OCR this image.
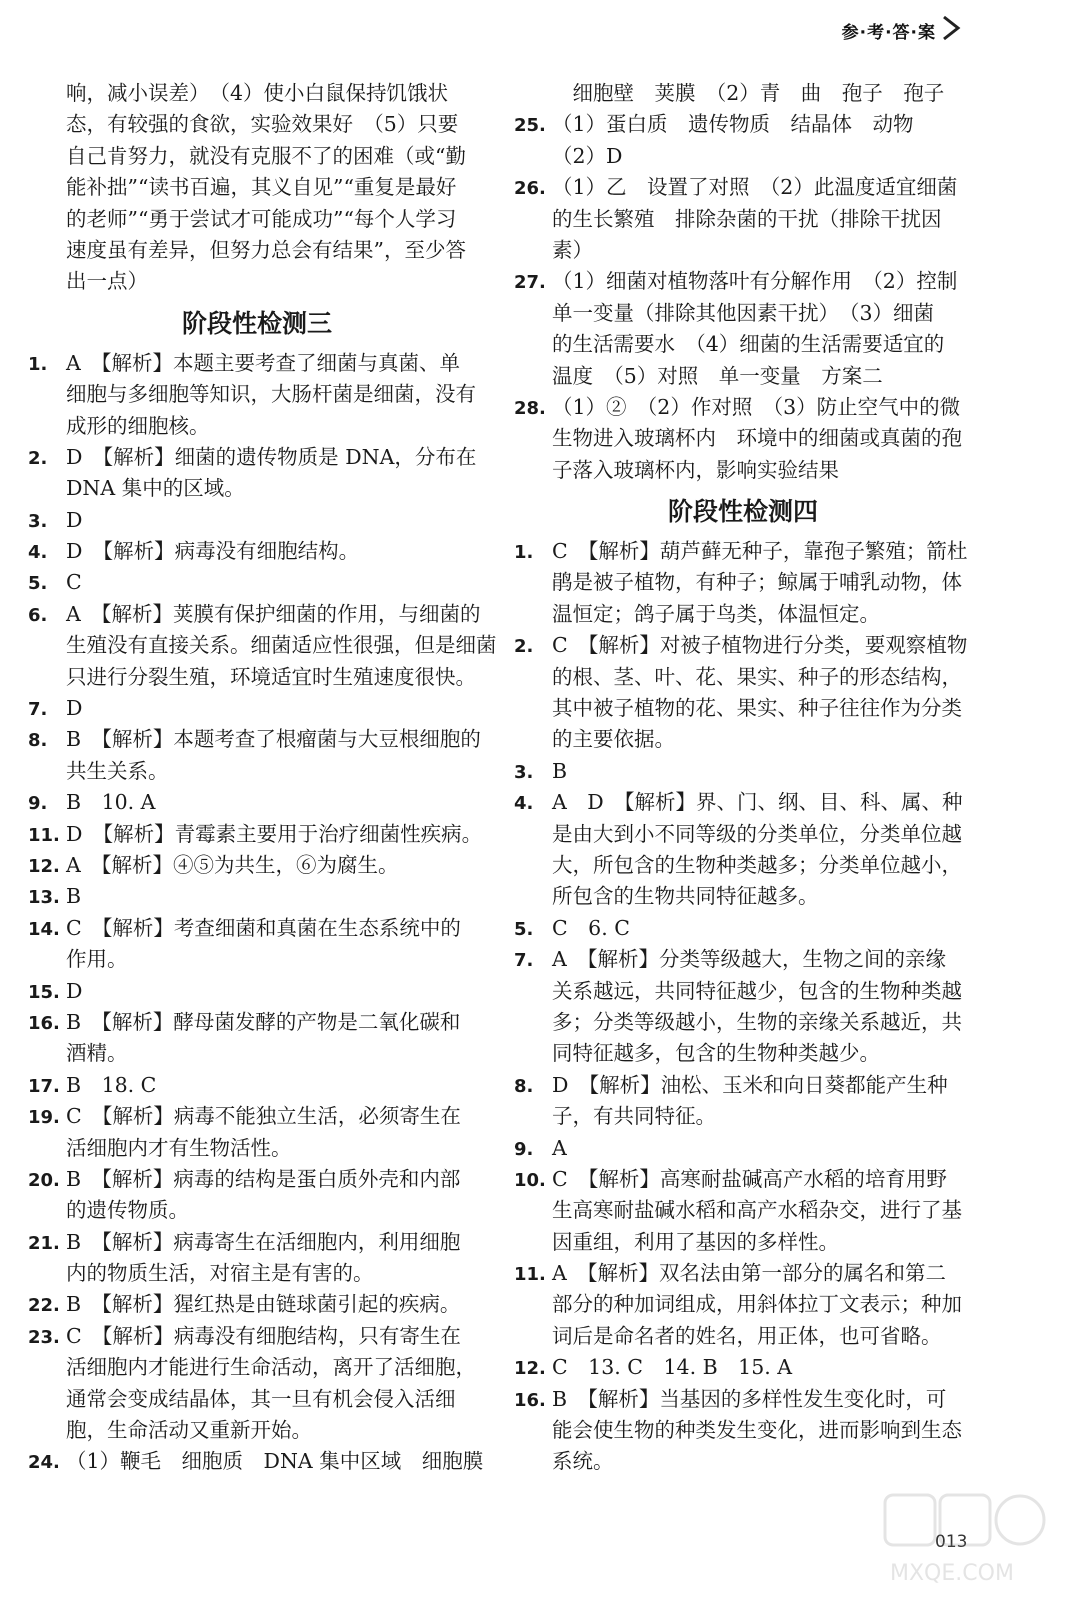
参·考·答·案
响，减小误差）　（4）使小白鼠保持饥饿状
态，有较强的食欲，实验效果好　（5）只要
自己肯努力，就没有克服不了的困难（或“勤
能补拙”“读书百遍，其义自见”“重复是最好
的老师”“勇于尝试才可能成功”“每个人学习
速度虽有差异，但努力总会有结果”，至少答
出一点）
阶段性检测三
1. A　【解析】本题主要考查了细菌与真菌、单
细胞与多细胞等知识，大肠杆菌是细菌，没有
成形的细胞核。
2. D　【解析】细菌的遗传物质是 DNA，分布在
DNA 集中的区域。
3. D
4. D　【解析】病毒没有细胞结构。
5. C
6. A　【解析】荚膜有保护细菌的作用，与细菌的
生殖没有直接关系。细菌适应性很强，但是细菌
只进行分裂生殖，环境适宜时生殖速度很快。
7. D
8. B　【解析】本题考查了根瘤菌与大豆根细胞的
共生关系。
9. B　10. A
11. D　【解析】青霉素主要用于治疗细菌性疾病。
12. A　【解析】④⑤为共生，⑥为腐生。
13. B
14. C　【解析】考查细菌和真菌在生态系统中的
作用。
15. D
16. B　【解析】酵母菌发酵的产物是二氧化碳和
酒精。
17. B　18. C
19. C　【解析】病毒不能独立生活，必须寄生在
活细胞内才有生物活性。
20. B　【解析】病毒的结构是蛋白质外壳和内部
的遗传物质。
21. B　【解析】病毒寄生在活细胞内，利用细胞
内的物质生活，对宿主是有害的。
22. B　【解析】猩红热是由链球菌引起的疾病。
23. C　【解析】病毒没有细胞结构，只有寄生在
活细胞内才能进行生命活动，离开了活细胞，
通常会变成结晶体，其一旦有机会侵入活细
胞，生命活动又重新开始。
24. （1）鞭毛　细胞质　DNA 集中区域　细胞膜
　细胞壁　荚膜　（2）青　曲　孢子　孢子
25. （1）蛋白质　遗传物质　结晶体　动物
（2）D
26. （1）乙　设置了对照　（2）此温度适宜细菌
的生长繁殖　排除杂菌的干扰（排除干扰因
素）
27. （1）细菌对植物落叶有分解作用　（2）控制
单一变量（排除其他因素干扰）　（3）细菌
的生活需要水　（4）细菌的生活需要适宜的
温度　（5）对照　单一变量　方案二
28. （1）②　（2）作对照　（3）防止空气中的微
生物进入玻璃杯内　环境中的细菌或真菌的孢
子落入玻璃杯内，影响实验结果
阶段性检测四
1. C　【解析】葫芦藓无种子，靠孢子繁殖；箭杜
鹃是被子植物，有种子；鲸属于哺乳动物，体
温恒定；鸽子属于鸟类，体温恒定。
2. C　【解析】对被子植物进行分类，要观察植物
的根、茎、叶、花、果实、种子的形态结构，
其中被子植物的花、果实、种子往往作为分类
的主要依据。
3. B
4. A　D　【解析】界、门、纲、目、科、属、种
是由大到小不同等级的分类单位，分类单位越
大，所包含的生物种类越多；分类单位越小，
所包含的生物共同特征越多。
5. C　6. C
7. A　【解析】分类等级越大，生物之间的亲缘
关系越远，共同特征越少，包含的生物种类越
多；分类等级越小，生物的亲缘关系越近，共
同特征越多，包含的生物种类越少。
8. D　【解析】油松、玉米和向日葵都能产生种
子，有共同特征。
9. A
10. C　【解析】高寒耐盐碱高产水稻的培育用野
生高寒耐盐碱水稻和高产水稻杂交，进行了基
因重组，利用了基因的多样性。
11. A　【解析】双名法由第一部分的属名和第二
部分的种加词组成，用斜体拉丁文表示；种加
词后是命名者的姓名，用正体，也可省略。
12. C　13. C　14. B　15. A
16. B　【解析】当基因的多样性发生变化时，可
能会使生物的种类发生变化，进而影响到生态
系统。
013
MXQE.COM
